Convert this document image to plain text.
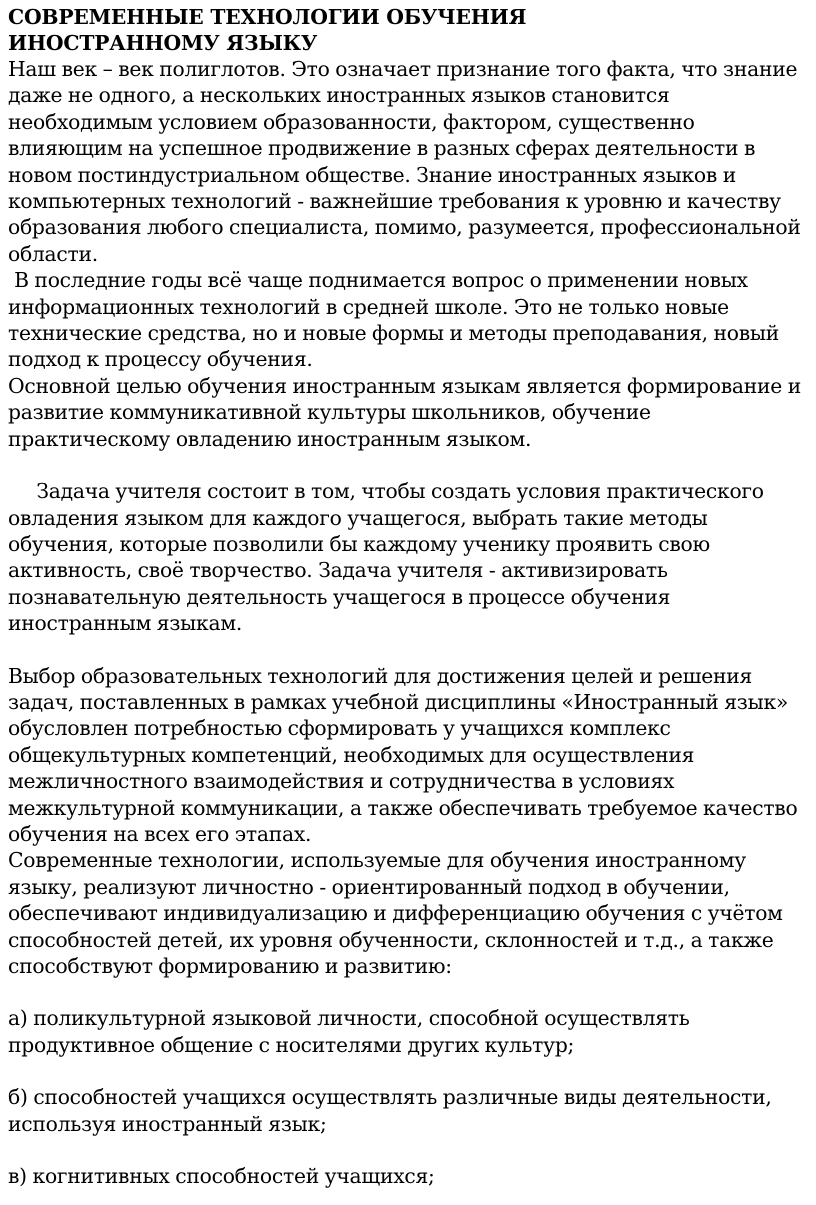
СОВРЕМЕННЫЕ ТЕХНОЛОГИИ ОБУЧЕНИЯ
ИНОСТРАННОМУ ЯЗЫКУ

Наш век – век полиглотов. Это означает признание того факта, что знание даже не одного, а нескольких иностранных языков становится необходимым условием образованности, фактором, существенно влияющим на успешное продвижение в разных сферах деятельности в новом постиндустриальном обществе. Знание иностранных языков и компьютерных технологий - важнейшие требования к уровню и качеству образования любого специалиста, помимо, разумеется, профессиональной области.

В последние годы всё чаще поднимается вопрос о применении новых информационных технологий в средней школе. Это не только новые технические средства, но и новые формы и методы преподавания, новый подход к процессу обучения.

Основной целью обучения иностранным языкам является формирование и развитие коммуникативной культуры школьников, обучение практическому овладению иностранным языком.

Задача учителя состоит в том, чтобы создать условия практического овладения языком для каждого учащегося, выбрать такие методы обучения, которые позволили бы каждому ученику проявить свою активность, своё творчество. Задача учителя - активизировать познавательную деятельность учащегося в процессе обучения иностранным языкам.

Выбор образовательных технологий для достижения целей и решения задач, поставленных в рамках учебной дисциплины «Иностранный язык» обусловлен потребностью сформировать у учащихся комплекс общекультурных компетенций, необходимых для осуществления межличностного взаимодействия и сотрудничества в условиях межкультурной коммуникации, а также обеспечивать требуемое качество обучения на всех его этапах.

Современные технологии, используемые для обучения иностранному языку, реализуют личностно - ориентированный подход в обучении, обеспечивают индивидуализацию и дифференциацию обучения с учётом способностей детей, их уровня обученности, склонностей и т.д., а также способствуют формированию и развитию:

а) поликультурной языковой личности, способной осуществлять продуктивное общение с носителями других культур;

б) способностей учащихся осуществлять различные виды деятельности, используя иностранный язык;

в) когнитивных способностей учащихся;
